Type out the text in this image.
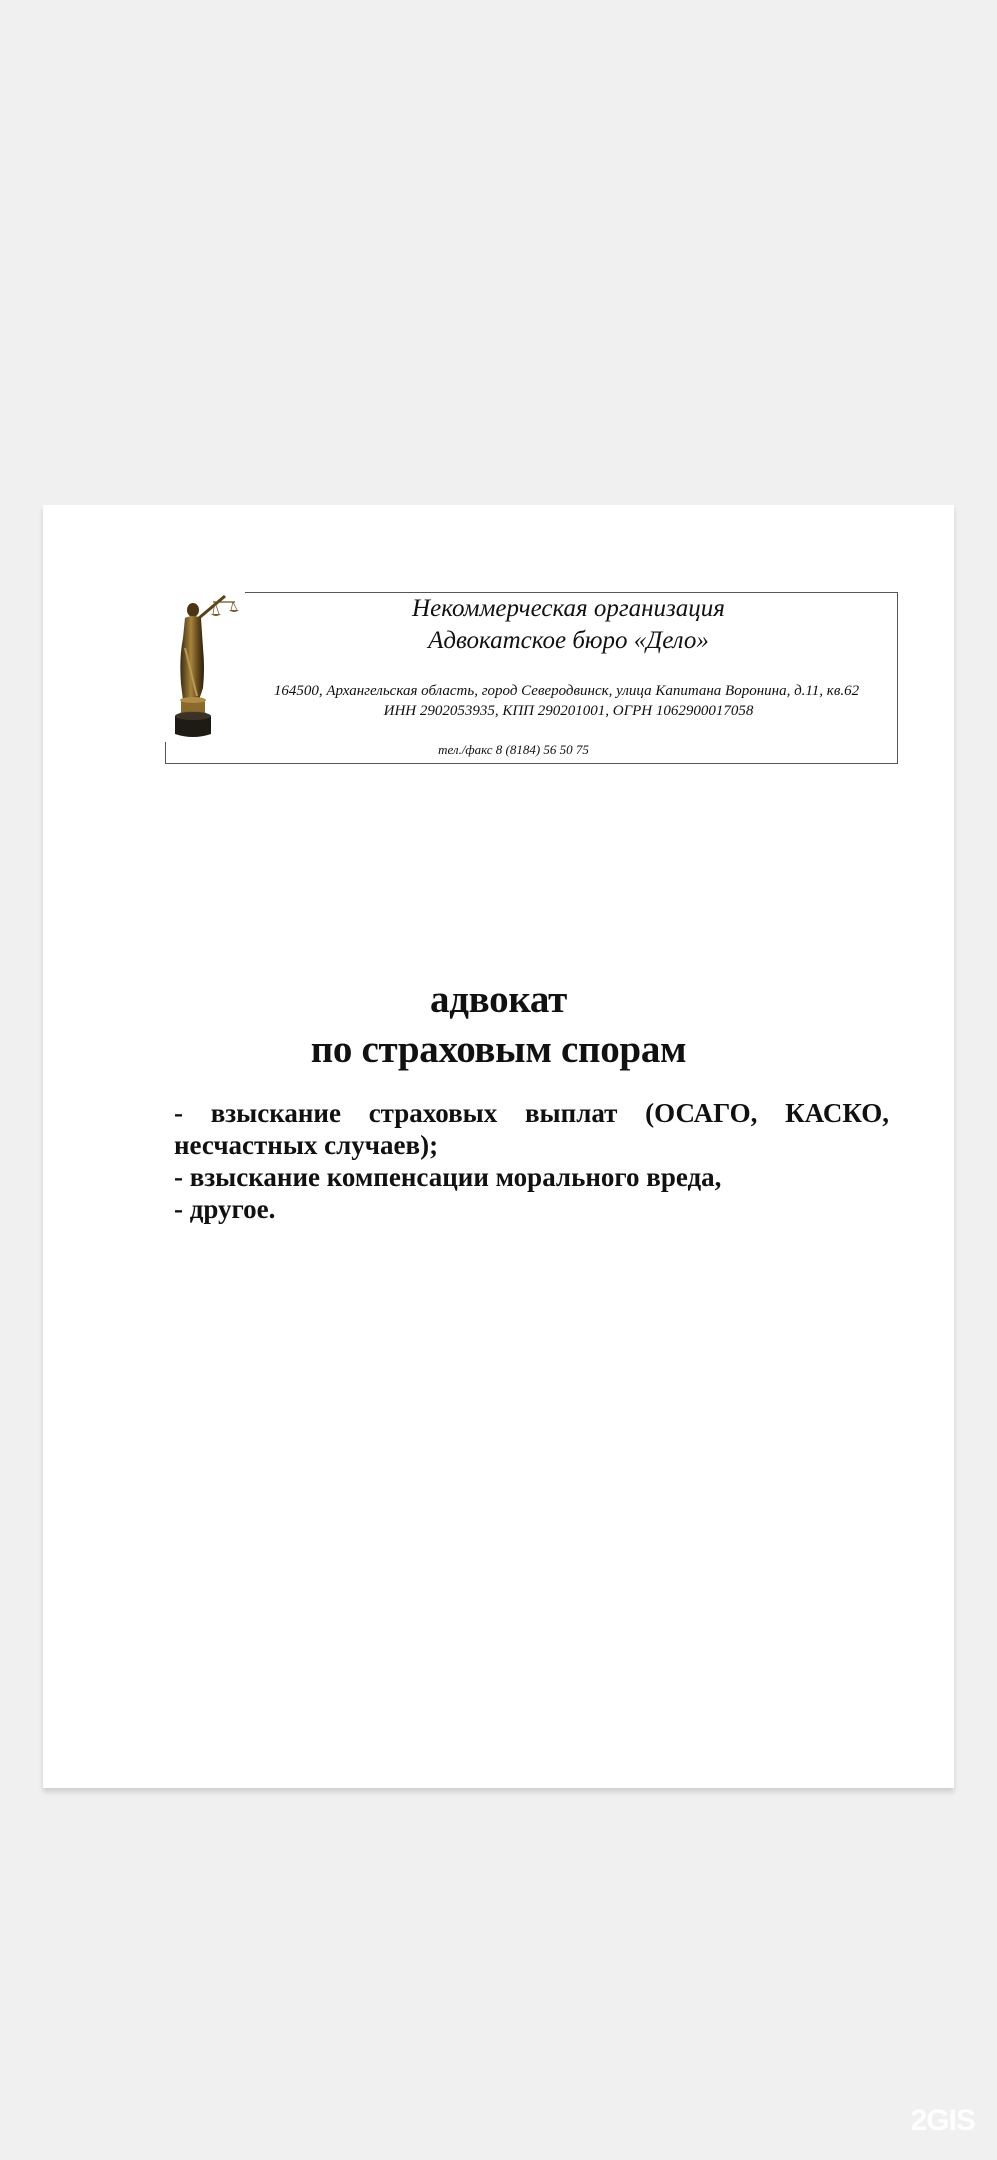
Некоммерческая организация
Адвокатское бюро «Дело»
164500, Архангельская область, город Северодвинск, улица Капитана Воронина, д.11, кв.62
ИНН 2902053935, КПП 290201001, ОГРН 1062900017058
тел./факс 8 (8184) 56 50 75
адвокат
по страховым спорам
- взыскание страховых выплат (ОСАГО, КАСКО,
несчастных случаев);
- взыскание компенсации морального вреда,
- другое.
2GIS
